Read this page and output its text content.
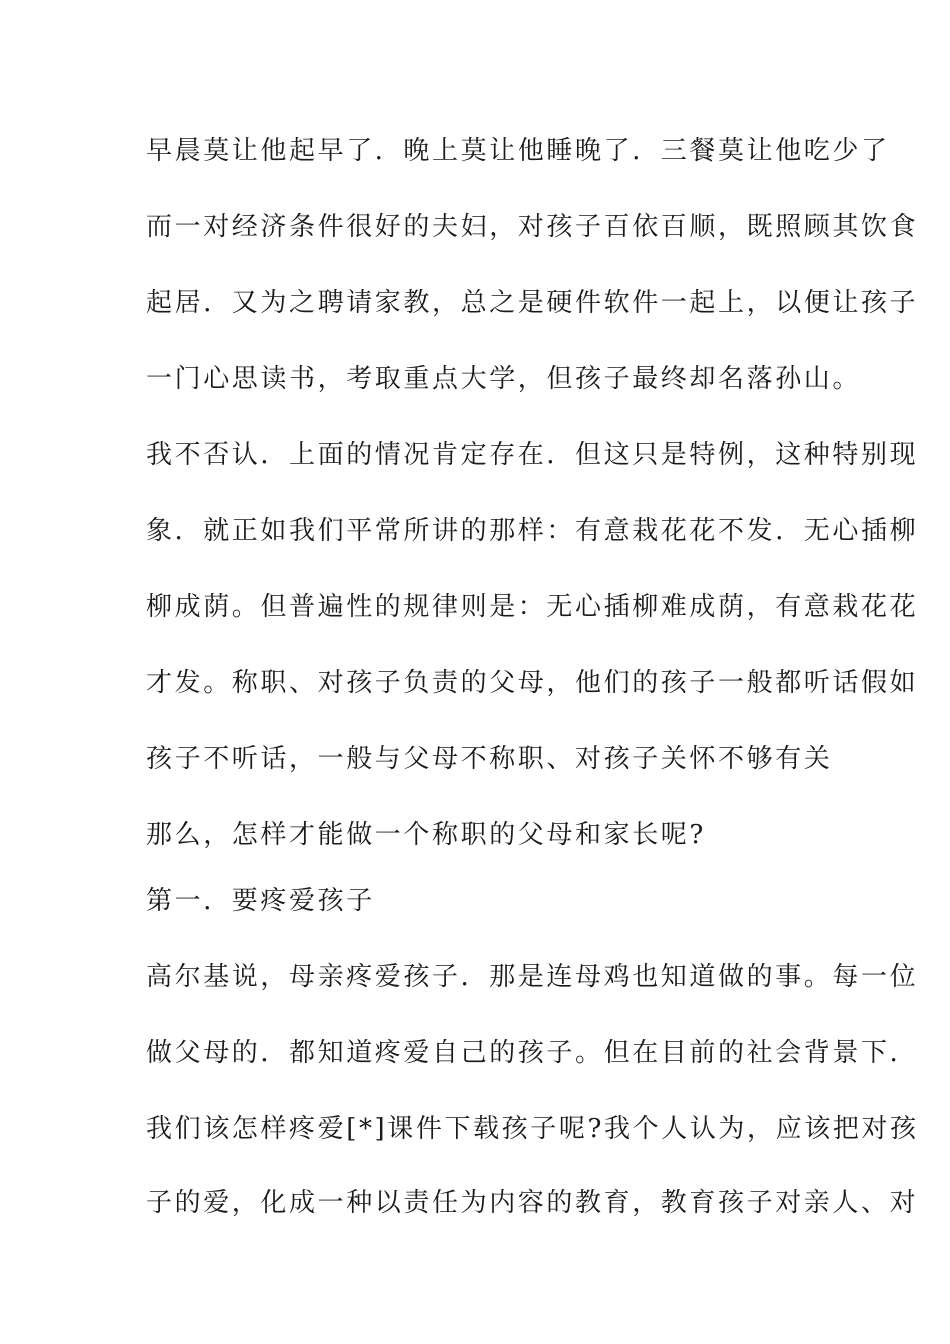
早晨莫让他起早了．晚上莫让他睡晚了．三餐莫让他吃少了
而一对经济条件很好的夫妇，对孩子百依百顺，既照顾其饮食
起居．又为之聘请家教，总之是硬件软件一起上，以便让孩子
一门心思读书，考取重点大学，但孩子最终却名落孙山。
我不否认．上面的情况肯定存在．但这只是特例，这种特别现
象．就正如我们平常所讲的那样：有意栽花花不发．无心插柳
柳成荫。但普遍性的规律则是：无心插柳难成荫，有意栽花花
才发。称职、对孩子负责的父母，他们的孩子一般都听话假如
孩子不听话，一般与父母不称职、对孩子关怀不够有关
那么，怎样才能做一个称职的父母和家长呢?
第一．要疼爱孩子
高尔基说，母亲疼爱孩子．那是连母鸡也知道做的事。每一位
做父母的．都知道疼爱自己的孩子。但在目前的社会背景下．
我们该怎样疼爱[*]课件下载孩子呢?我个人认为，应该把对孩
子的爱，化成一种以责任为内容的教育，教育孩子对亲人、对
